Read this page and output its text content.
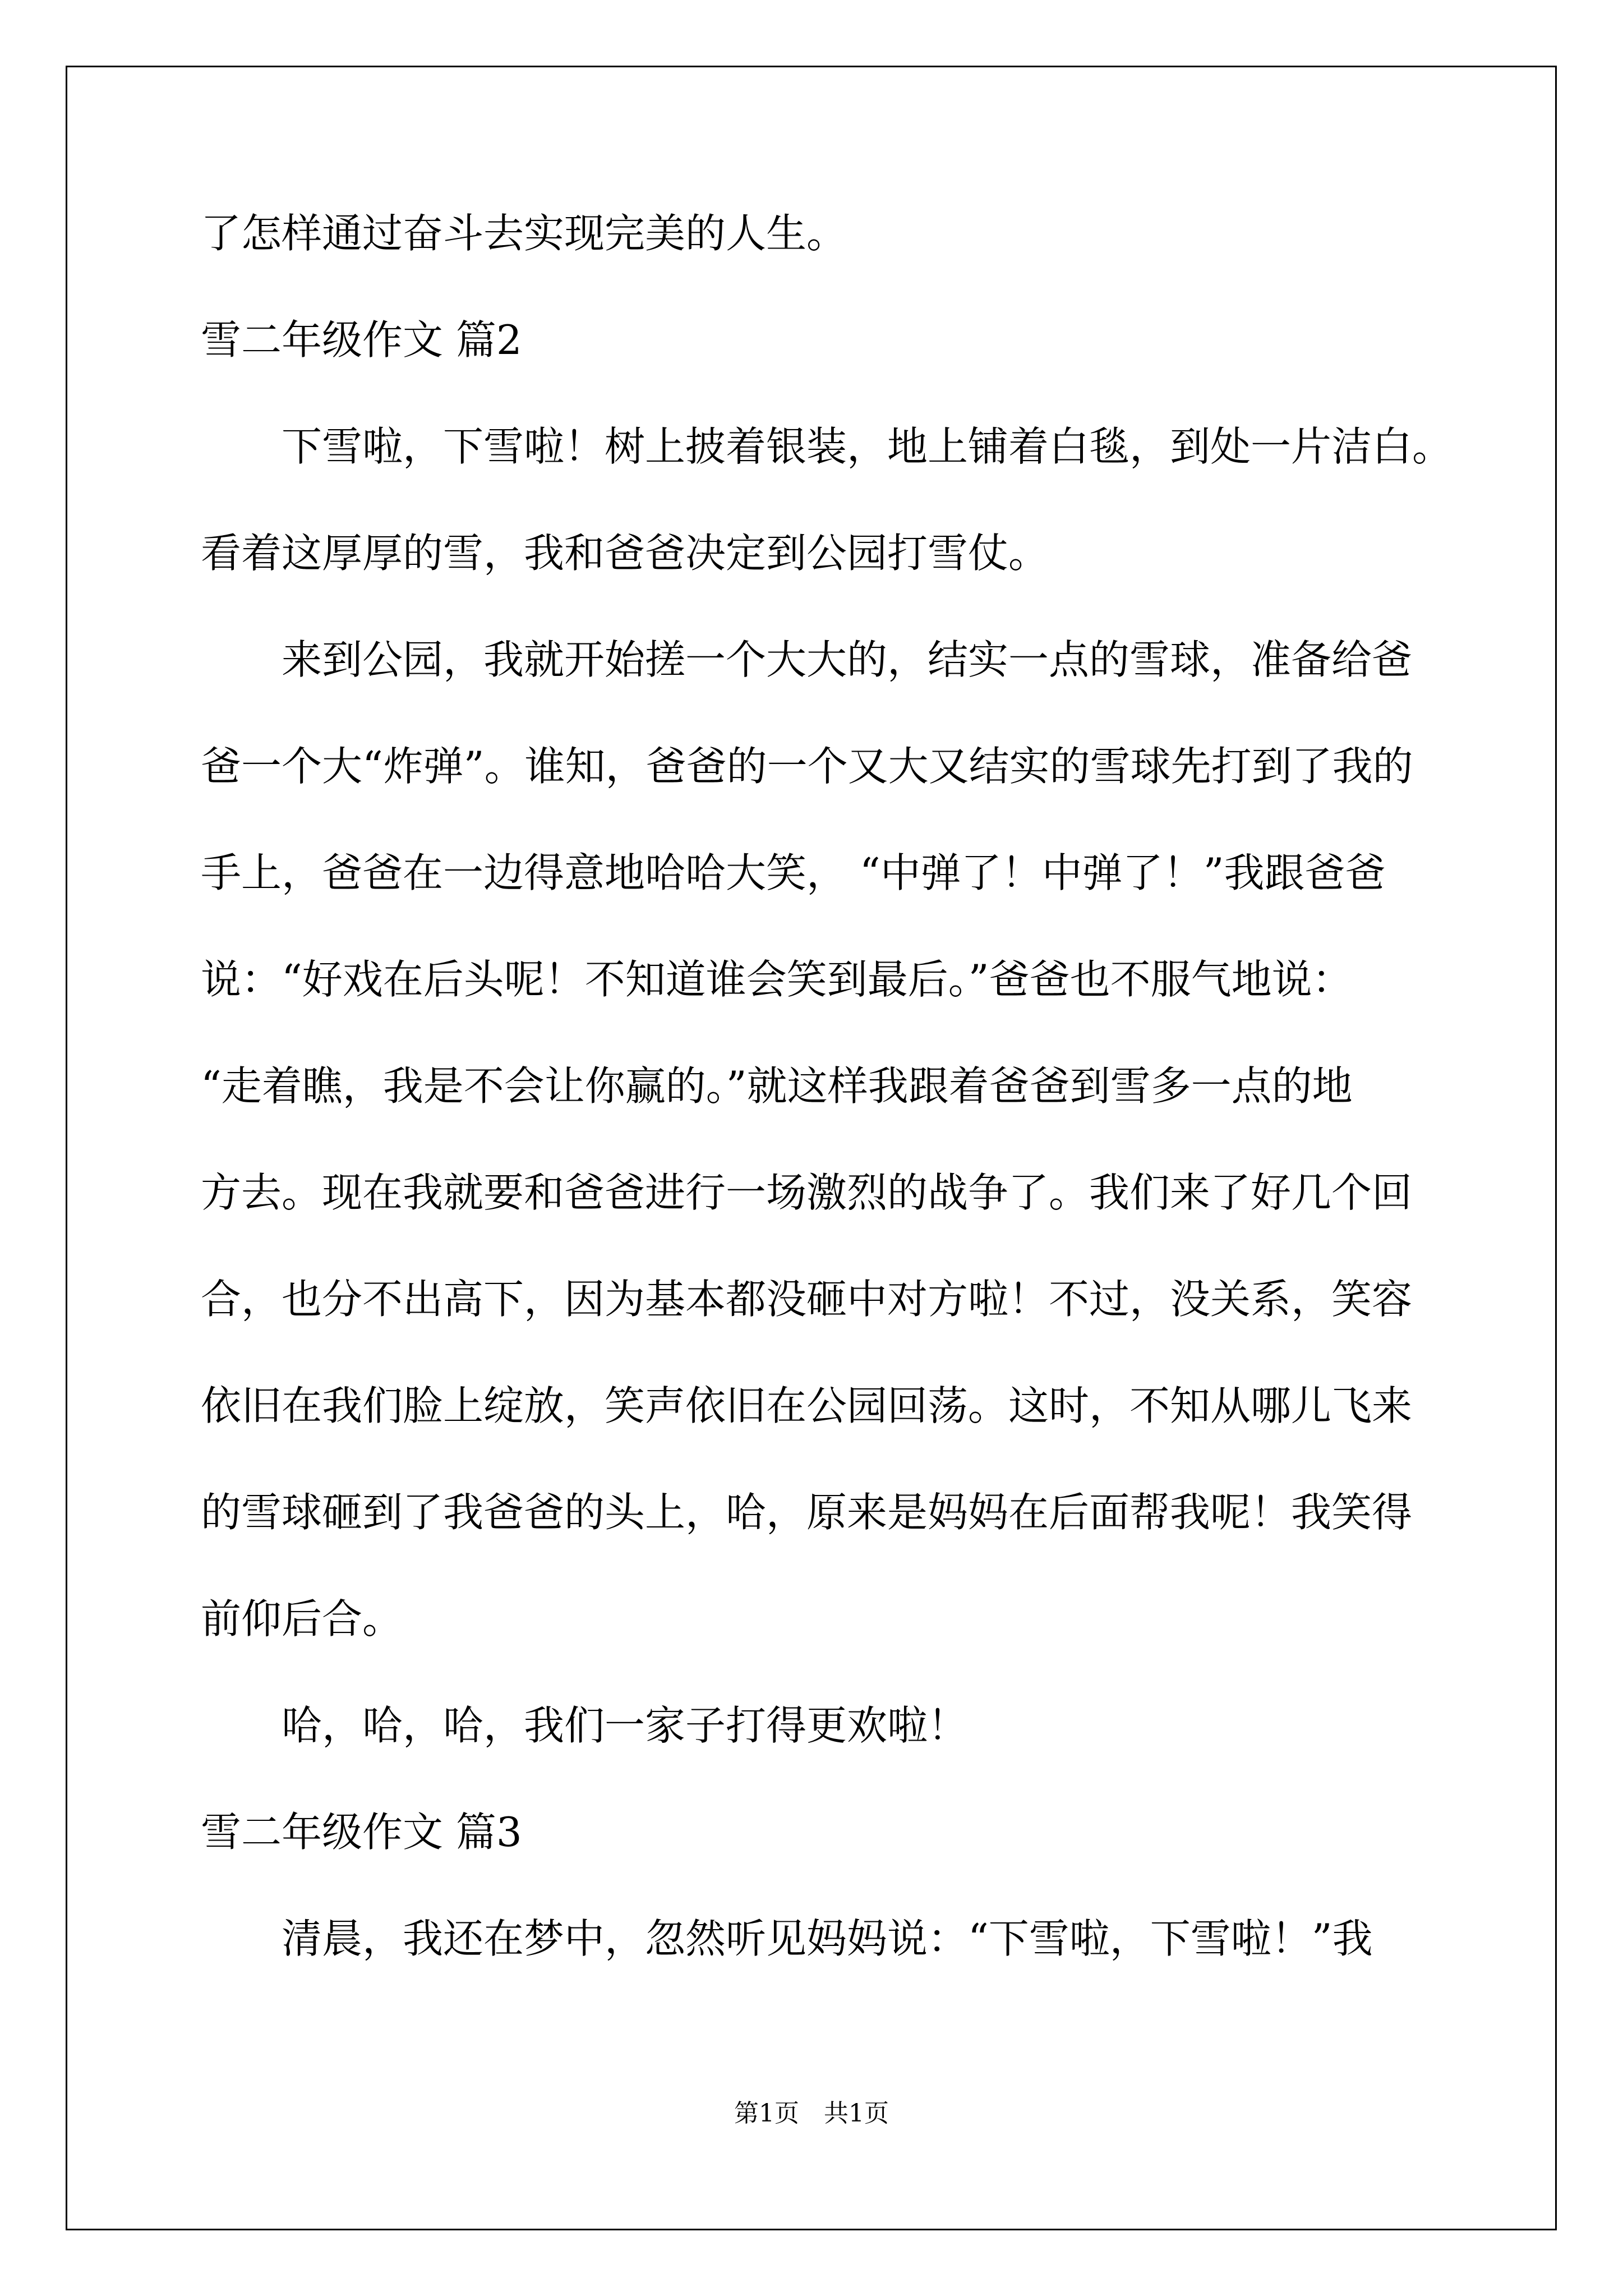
了怎样通过奋斗去实现完美的人生。
雪二年级作文 篇2
　　下雪啦，下雪啦！树上披着银装，地上铺着白毯，到处一片洁白。
看着这厚厚的雪，我和爸爸决定到公园打雪仗。
　　来到公园，我就开始搓一个大大的，结实一点的雪球，准备给爸
爸一个大“炸弹”。谁知，爸爸的一个又大又结实的雪球先打到了我的
手上，爸爸在一边得意地哈哈大笑， “中弹了！中弹了！”我跟爸爸
说：“好戏在后头呢！不知道谁会笑到最后。”爸爸也不服气地说：
“走着瞧，我是不会让你赢的。”就这样我跟着爸爸到雪多一点的地
方去。现在我就要和爸爸进行一场激烈的战争了。我们来了好几个回
合，也分不出高下，因为基本都没砸中对方啦！不过，没关系，笑容
依旧在我们脸上绽放，笑声依旧在公园回荡。这时，不知从哪儿飞来
的雪球砸到了我爸爸的头上，哈，原来是妈妈在后面帮我呢！我笑得
前仰后合。
　　哈，哈，哈，我们一家子打得更欢啦！
雪二年级作文 篇3
　　清晨，我还在梦中，忽然听见妈妈说：“下雪啦，下雪啦！”我
第1页　共1页
